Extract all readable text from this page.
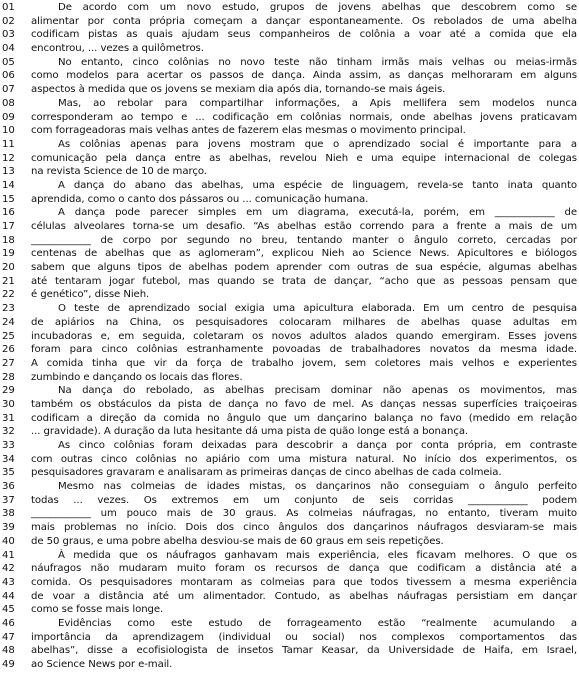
01	De acordo com um novo estudo, grupos de jovens abelhas que descobrem como se
02	alimentar por conta própria começam a dançar espontaneamente. Os rebolados de uma abelha
03	codificam pistas as quais ajudam seus companheiros de colônia a voar até a comida que ela
04	encontrou, ... vezes a quilômetros.
05	No entanto, cinco colônias no novo teste não tinham irmãs mais velhas ou meias-irmãs
06	como modelos para acertar os passos de dança. Ainda assim, as danças melhoraram em alguns
07	aspectos à medida que os jovens se mexiam dia após dia, tornando-se mais ágeis.
08	Mas, ao rebolar para compartilhar informações, a Apis mellifera sem modelos nunca
09	corresponderam ao tempo e ... codificação em colônias normais, onde abelhas jovens praticavam
10	com forrageadoras mais velhas antes de fazerem elas mesmas o movimento principal.
11	As colônias apenas para jovens mostram que o aprendizado social é importante para a
12	comunicação pela dança entre as abelhas, revelou Nieh e uma equipe internacional de colegas
13	na revista Science de 10 de março.
14	A dança do abano das abelhas, uma espécie de linguagem, revela-se tanto inata quanto
15	aprendida, como o canto dos pássaros ou ... comunicação humana.
16	A dança pode parecer simples em um diagrama, executá-la, porém, em ____________ de
17	células alveolares torna-se um desafio. “As abelhas estão correndo para a frente a mais de um
18	____________ de corpo por segundo no breu, tentando manter o ângulo correto, cercadas por
19	centenas de abelhas que as aglomeram”, explicou Nieh ao Science News. Apicultores e biólogos
20	sabem que alguns tipos de abelhas podem aprender com outras de sua espécie, algumas abelhas
21	até tentaram jogar futebol, mas quando se trata de dançar, “acho que as pessoas pensam que
22	é genético”, disse Nieh.
23	O teste de aprendizado social exigia uma apicultura elaborada. Em um centro de pesquisa
24	de apiários na China, os pesquisadores colocaram milhares de abelhas quase adultas em
25	incubadoras e, em seguida, coletaram os novos adultos alados quando emergiram. Esses jovens
26	foram para cinco colônias estranhamente povoadas de trabalhadores novatos da mesma idade.
27	A comida tinha que vir da força de trabalho jovem, sem coletores mais velhos e experientes
28	zumbindo e dançando os locais das flores.
29	Na dança do rebolado, as abelhas precisam dominar não apenas os movimentos, mas
30	também os obstáculos da pista de dança no favo de mel. As danças nessas superfícies traiçoeiras
31	codificam a direção da comida no ângulo que um dançarino balança no favo (medido em relação
32	... gravidade). A duração da luta hesitante dá uma pista de quão longe está a bonança.
33	As cinco colônias foram deixadas para descobrir a dança por conta própria, em contraste
34	com outras cinco colônias no apiário com uma mistura natural. No início dos experimentos, os
35	pesquisadores gravaram e analisaram as primeiras danças de cinco abelhas de cada colmeia.
36	Mesmo nas colmeias de idades mistas, os dançarinos não conseguiam o ângulo perfeito
37	todas ... vezes. Os extremos em um conjunto de seis corridas ____________ podem
38	____________ um pouco mais de 30 graus. As colmeias náufragas, no entanto, tiveram muito
39	mais problemas no início. Dois dos cinco ângulos dos dançarinos náufragos desviaram-se mais
40	de 50 graus, e uma pobre abelha desviou-se mais de 60 graus em seis repetições.
41	À medida que os náufragos ganhavam mais experiência, eles ficavam melhores. O que os
42	náufragos não mudaram muito foram os recursos de dança que codificam a distância até a
43	comida. Os pesquisadores montaram as colmeias para que todos tivessem a mesma experiência
44	de voar a distância até um alimentador. Contudo, as abelhas náufragas persistiam em dançar
45	como se fosse mais longe.
46	Evidências como este estudo de forrageamento estão “realmente acumulando a
47	importância da aprendizagem (individual ou social) nos complexos comportamentos das
48	abelhas”, disse a ecofisiologista de insetos Tamar Keasar, da Universidade de Haifa, em Israel,
49	ao Science News por e-mail.
